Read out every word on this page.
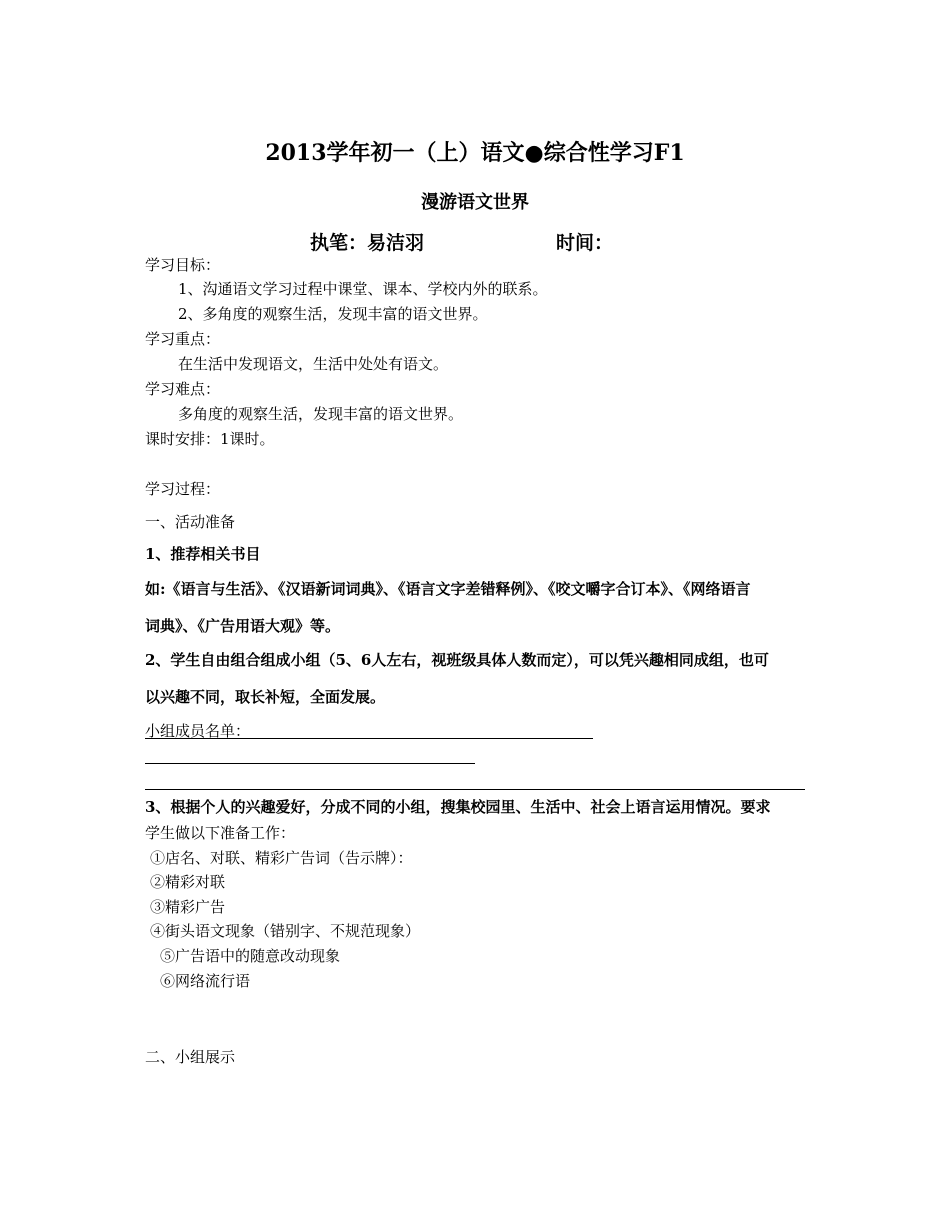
2013学年初一（上）语文●综合性学习F1
漫游语文世界
执笔：易洁羽	时间：
学习目标：
1、沟通语文学习过程中课堂、课本、学校内外的联系。
2、多角度的观察生活，发现丰富的语文世界。
学习重点：
在生活中发现语文，生活中处处有语文。
学习难点：
多角度的观察生活，发现丰富的语文世界。
课时安排：1课时。
学习过程：
一、活动准备
1、推荐相关书目
如:《语言与生活》、《汉语新词词典》、《语言文字差错释例》、《咬文嚼字合订本》、《网络语言
词典》、《广告用语大观》等。
2、学生自由组合组成小组（5、6人左右，视班级具体人数而定），可以凭兴趣相同成组，也可
以兴趣不同，取长补短，全面发展。
小组成员名单：
3、根据个人的兴趣爱好，分成不同的小组，搜集校园里、生活中、社会上语言运用情况。要求
学生做以下准备工作：
①店名、对联、精彩广告词（告示牌）：
②精彩对联
③精彩广告
④街头语文现象（错别字、不规范现象）
⑤广告语中的随意改动现象
⑥网络流行语
二、小组展示
